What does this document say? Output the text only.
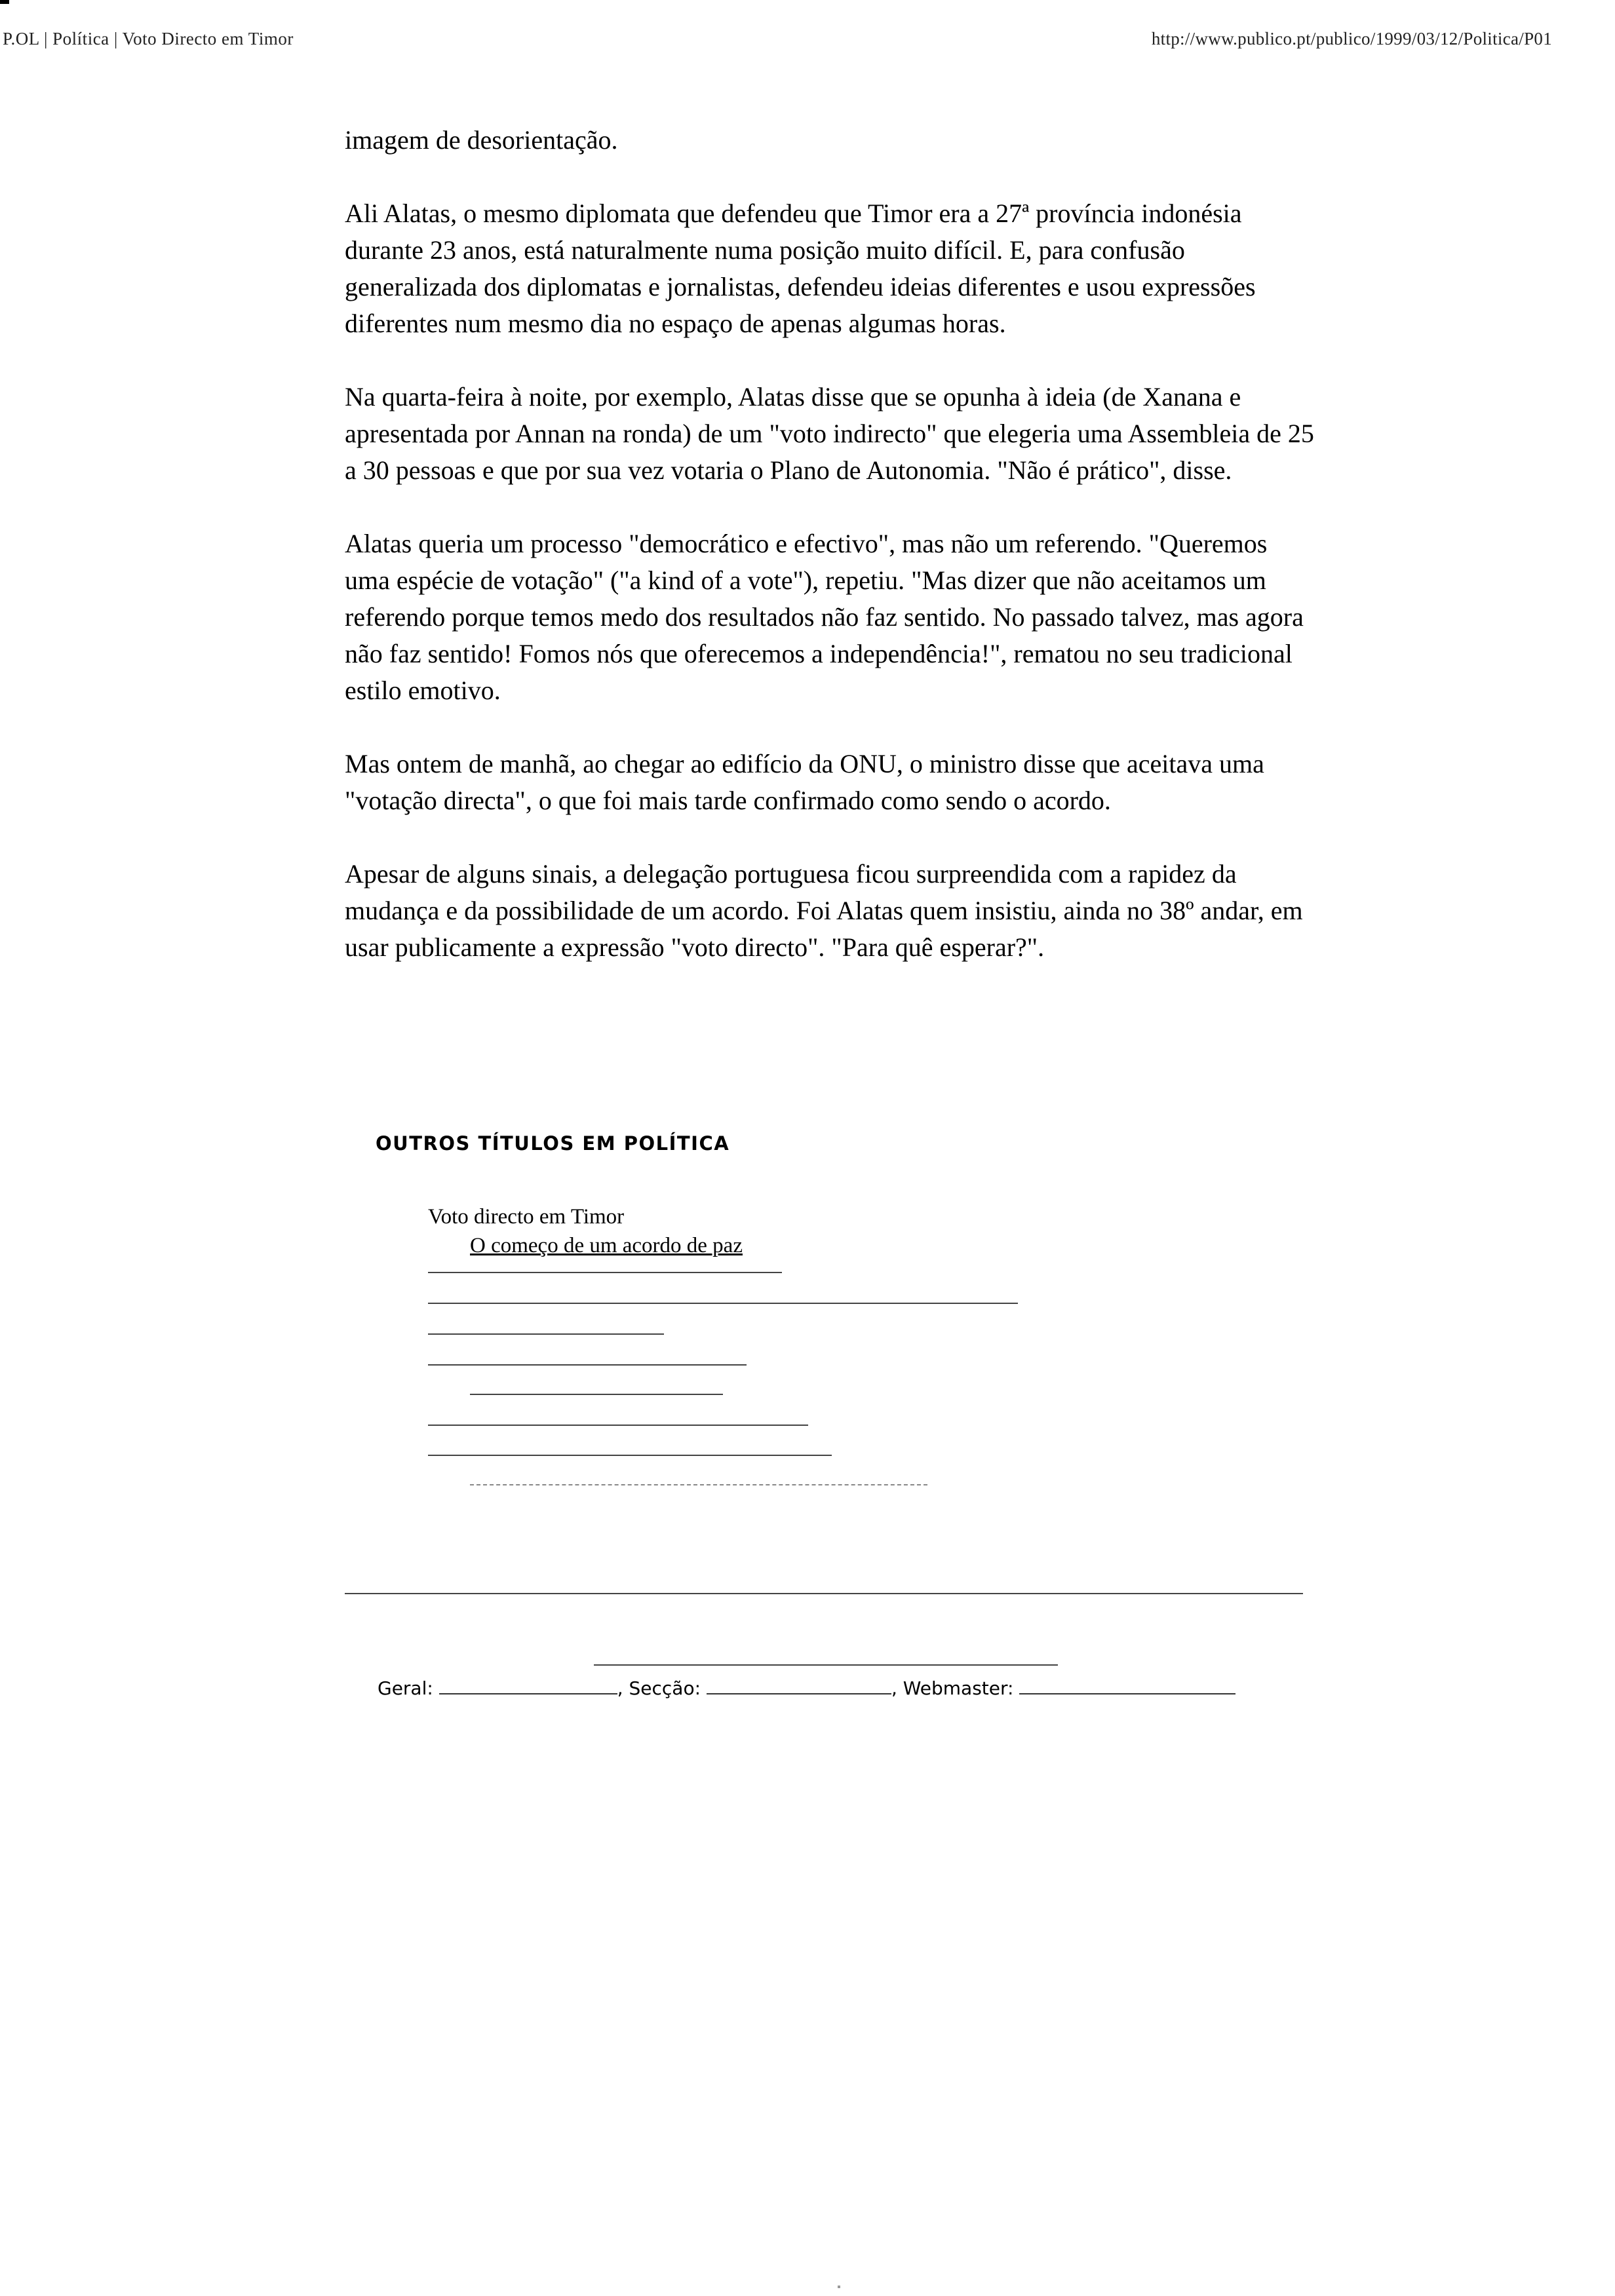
P.OL | Política | Voto Directo em Timor	http://www.publico.pt/publico/1999/03/12/Politica/P01

imagem de desorientação.

Ali Alatas, o mesmo diplomata que defendeu que Timor era a 27ª província indonésia durante 23 anos, está naturalmente numa posição muito difícil. E, para confusão generalizada dos diplomatas e jornalistas, defendeu ideias diferentes e usou expressões diferentes num mesmo dia no espaço de apenas algumas horas.

Na quarta-feira à noite, por exemplo, Alatas disse que se opunha à ideia (de Xanana e apresentada por Annan na ronda) de um "voto indirecto" que elegeria uma Assembleia de 25 a 30 pessoas e que por sua vez votaria o Plano de Autonomia. "Não é prático", disse.

Alatas queria um processo "democrático e efectivo", mas não um referendo. "Queremos uma espécie de votação" ("a kind of a vote"), repetiu. "Mas dizer que não aceitamos um referendo porque temos medo dos resultados não faz sentido. No passado talvez, mas agora não faz sentido! Fomos nós que oferecemos a independência!", rematou no seu tradicional estilo emotivo.

Mas ontem de manhã, ao chegar ao edifício da ONU, o ministro disse que aceitava uma "votação directa", o que foi mais tarde confirmado como sendo o acordo.

Apesar de alguns sinais, a delegação portuguesa ficou surpreendida com a rapidez da mudança e da possibilidade de um acordo. Foi Alatas quem insistiu, ainda no 38º andar, em usar publicamente a expressão "voto directo". "Para quê esperar?".

OUTROS TÍTULOS EM POLÍTICA
Voto directo em Timor
O começo de um acordo de paz
Geral:	, Secção:	, Webmaster:
